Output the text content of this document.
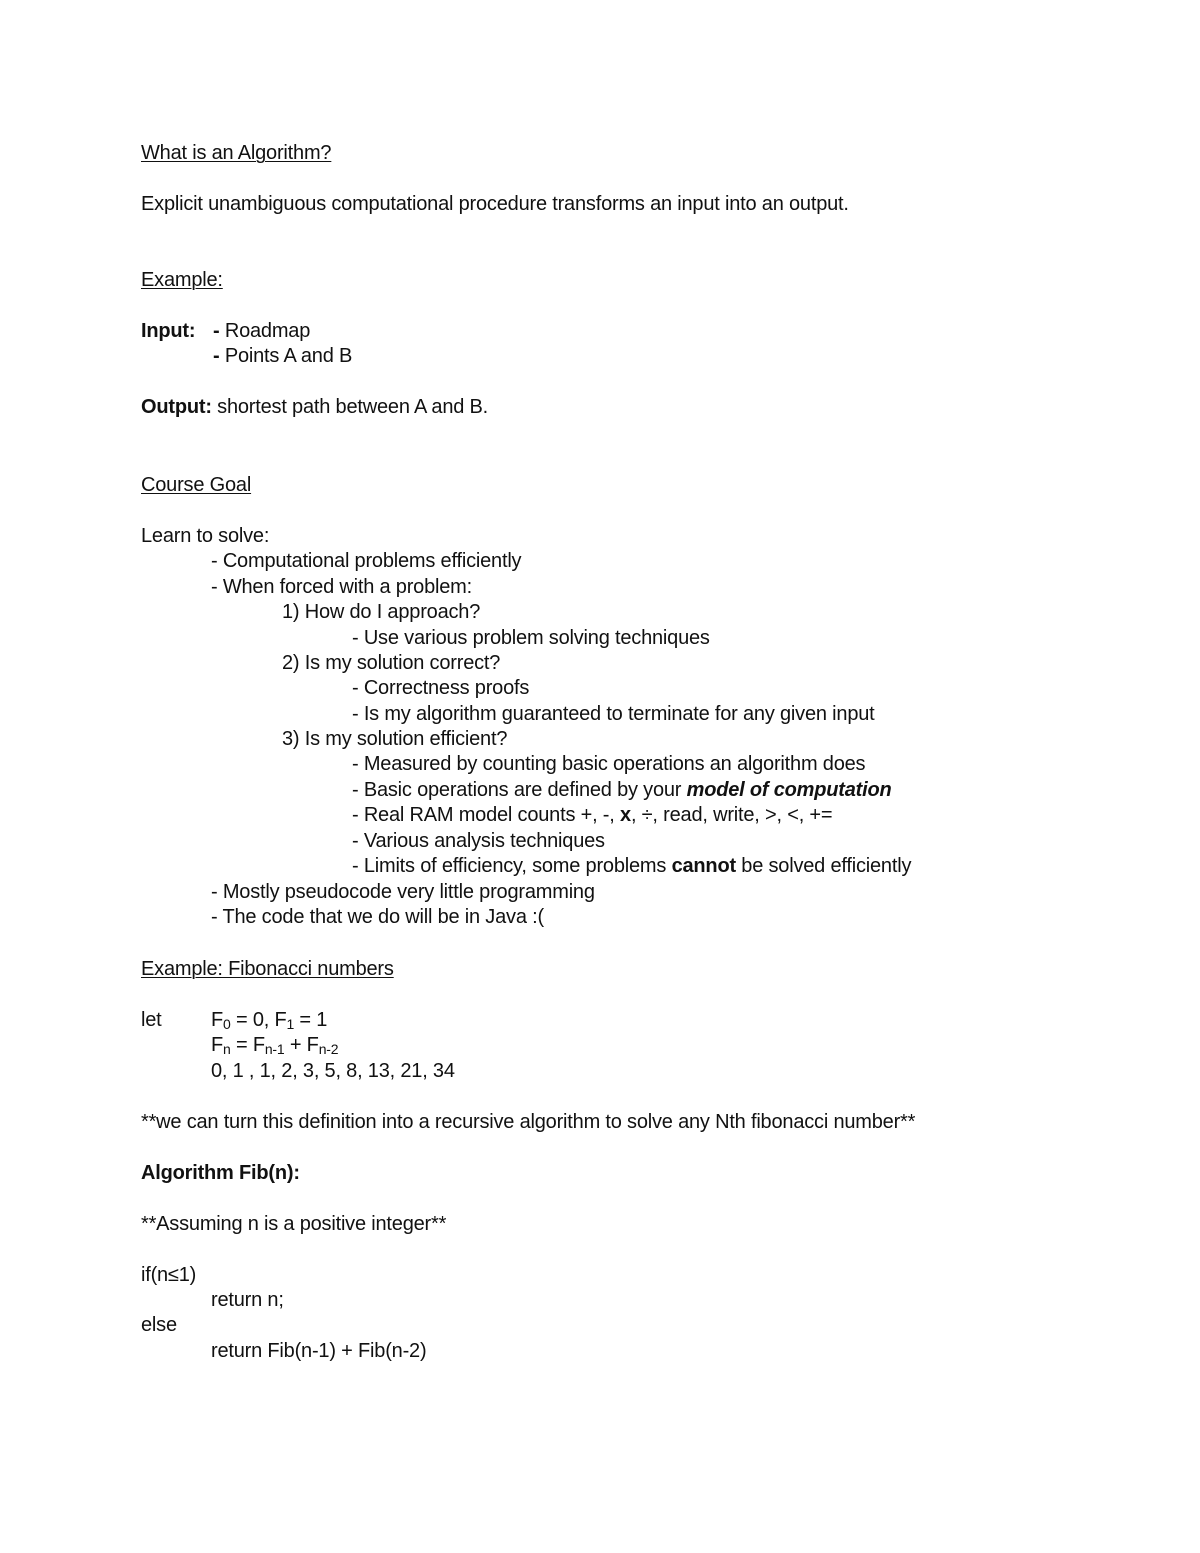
What is an Algorithm?
Explicit unambiguous computational procedure transforms an input into an output.
Example:
Input: - Roadmap
- Points A and B
Output: shortest path between A and B.
Course Goal
Learn to solve:
- Computational problems efficiently
- When forced with a problem:
1) How do I approach?
- Use various problem solving techniques
2) Is my solution correct?
- Correctness proofs
- Is my algorithm guaranteed to terminate for any given input
3) Is my solution efficient?
- Measured by counting basic operations an algorithm does
- Basic operations are defined by your model of computation
- Real RAM model counts +, -, x, ÷, read, write, >, <, +=
- Various analysis techniques
- Limits of efficiency, some problems cannot be solved efficiently
- Mostly pseudocode very little programming
- The code that we do will be in Java :(
Example: Fibonacci numbers
let $F_0 = 0$, $F_1 = 1$
$F_n = F_{n-1} + F_{n-2}$
0, 1 , 1, 2, 3, 5, 8, 13, 21, 34
**we can turn this definition into a recursive algorithm to solve any Nth fibonacci number**
Algorithm Fib(n):
**Assuming n is a positive integer**
if(n≤1)
return n;
else
return Fib(n-1) + Fib(n-2)
